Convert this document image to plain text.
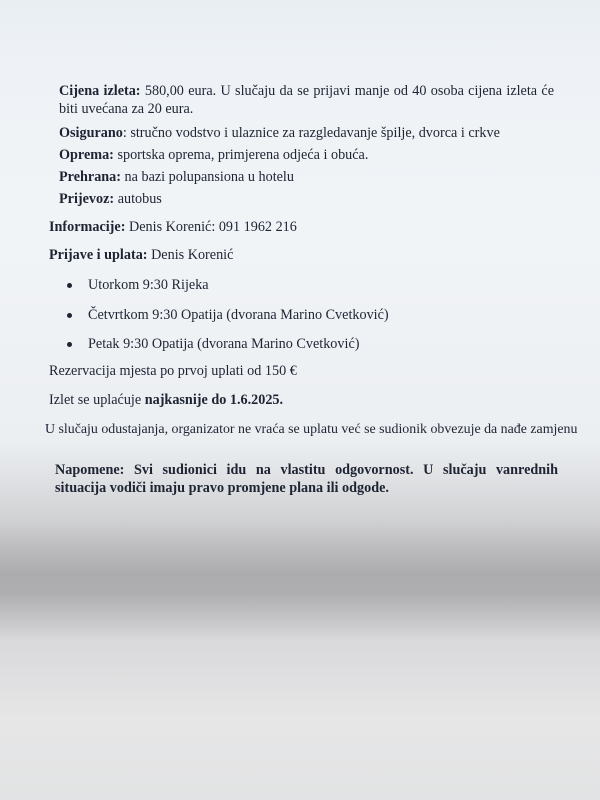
Cijena izleta: 580,00 eura. U slučaju da se prijavi manje od 40 osoba cijena izleta će biti uvećana za 20 eura.
Osigurano: stručno vodstvo i ulaznice za razgledavanje špilje, dvorca i crkve
Oprema: sportska oprema, primjerena odjeća i obuća.
Prehrana: na bazi polupansiona u hotelu
Prijevoz: autobus
Informacije: Denis Korenić: 091 1962 216
Prijave i uplata: Denis Korenić
Utorkom 9:30 Rijeka
Četvrtkom 9:30 Opatija (dvorana Marino Cvetković)
Petak 9:30 Opatija (dvorana Marino Cvetković)
Rezervacija mjesta po prvoj uplati od 150 €
Izlet se uplaćuje najkasnije do 1.6.2025.
U slučaju odustajanja, organizator ne vraća se uplatu već se sudionik obvezuje da nađe zamjenu
Napomene: Svi sudionici idu na vlastitu odgovornost. U slučaju vanrednih situacija vodiči imaju pravo promjene plana ili odgode.
